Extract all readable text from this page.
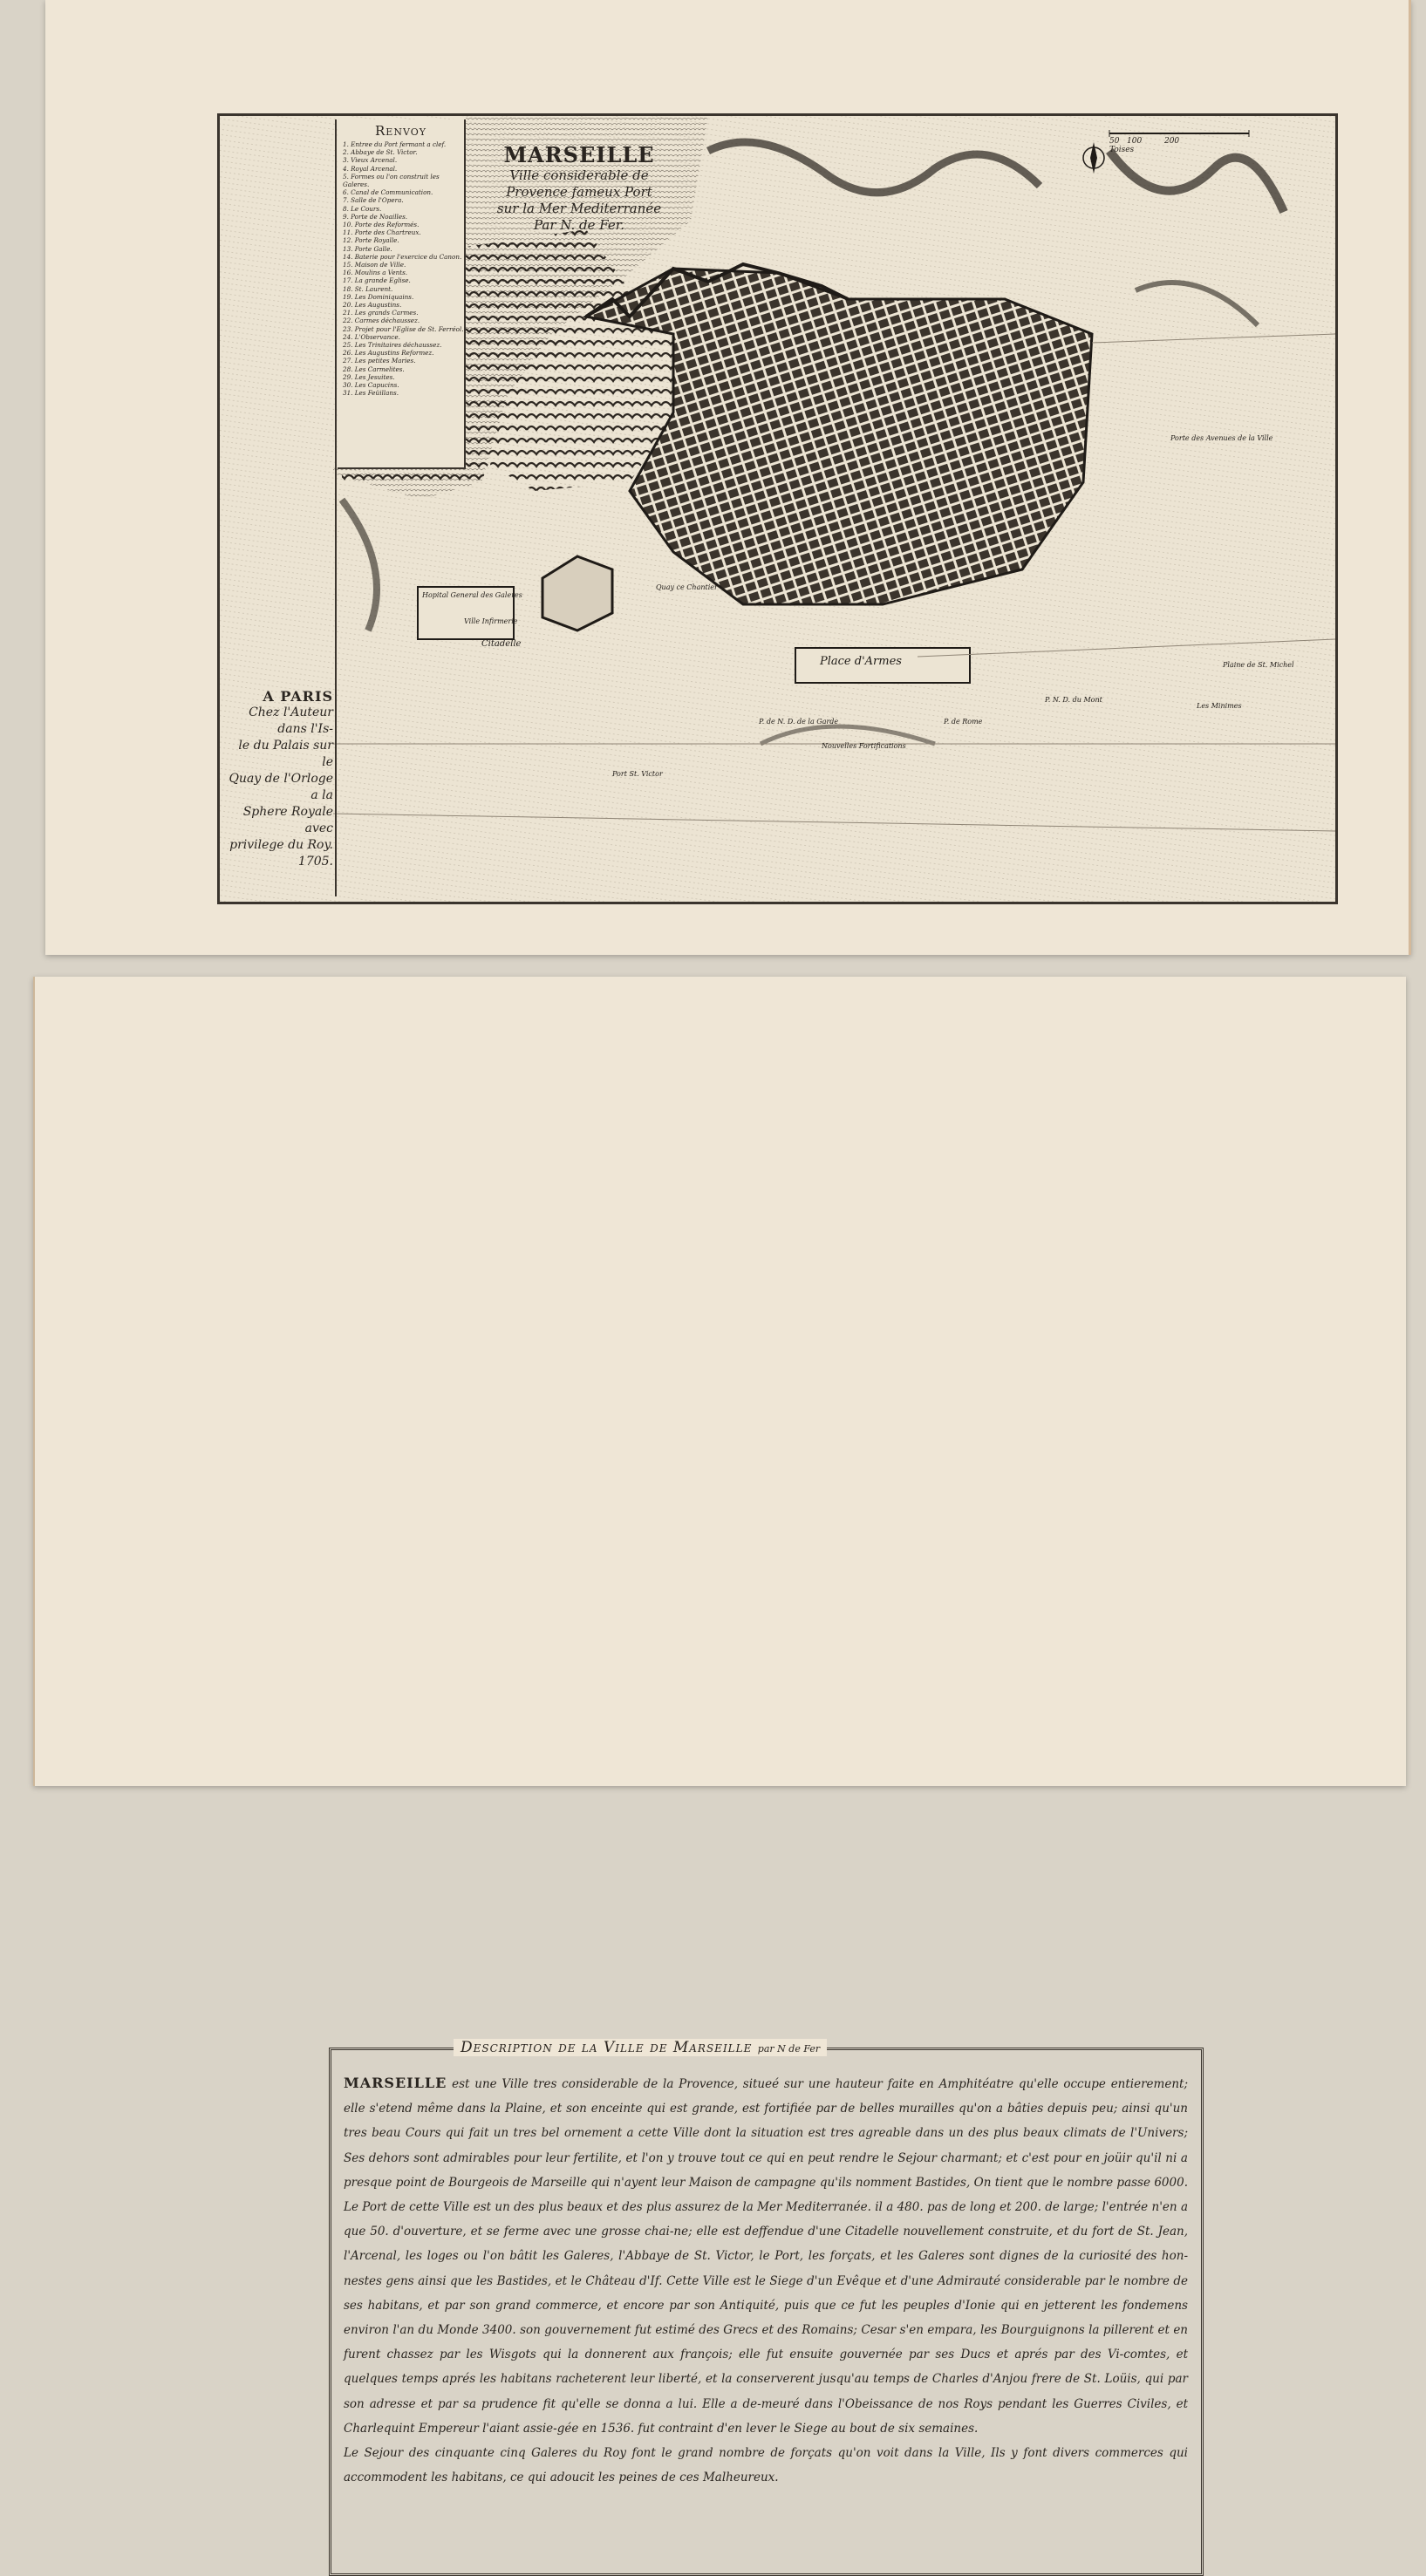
A PARIS
Chez l'Auteur dans l'Is-
le du Palais sur le
Quay de l'Orloge a la
Sphere Royale avec
privilege du Roy.
1705.
Renvoy
1. Entree du Port fermant a clef.
2. Abbaye de St. Victor.
3. Vieux Arcenal.
4. Royal Arcenal.
5. Formes ou l'on construit les Galeres.
6. Canal de Communication.
7. Salle de l'Opera.
8. Le Cours.
9. Porte de Noailles.
10. Porte des Reformés.
11. Porte des Chartreux.
12. Porte Royalle.
13. Porte Galle.
14. Baterie pour l'exercice du Canon.
15. Maison de Ville.
16. Moulins a Vents.
17. La grande Eglise.
18. St. Laurent.
19. Les Dominiquains.
20. Les Augustins.
21. Les grands Carmes.
22. Carmes déchaussez.
23. Projet pour l'Eglise de St. Ferréol.
24. L'Observance.
25. Les Trinitaires déchaussez.
26. Les Augustins Reformez.
27. Les petites Maries.
28. Les Carmelites.
29. Les Jesuites.
30. Les Capucins.
31. Les Feüillans.
MARSEILLE
Ville considerable de
Provence fameux Port
sur la Mer Mediterranée
Par N. de Fer.
50 100	200
Toises
Place d'Armes
Citadelle
Hopital General des Galeres
Ville Infirmerie
Quay ce Chantier
P. de N. D. de la Garde	P. de Rome
P. N. D. du Mont
Les Minimes
Plaine de St. Michel
Porte des Avenues de la Ville
Nouvelles Fortifications
Port St. Victor
Description de la Ville de Marseille par N de Fer

MARSEILLE est une Ville tres considerable de la Provence, situeé sur une hauteur faite en Amphitéatre qu'elle occupe entierement; elle s'etend même dans la Plaine, et son enceinte qui est grande, est fortifiée par de belles murailles qu'on a bâties depuis peu; ainsi qu'un tres beau Cours qui fait un tres bel ornement a cette Ville dont la situation est tres agreable dans un des plus beaux climats de l'Univers; Ses dehors sont admirables pour leur fertilite, et l'on y trouve tout ce qui en peut rendre le Sejour charmant; et c'est pour en joüir qu'il ni a presque point de Bourgeois de Marseille qui n'ayent leur Maison de campagne qu'ils nomment Bastides, On tient que le nombre passe 6000. Le Port de cette Ville est un des plus beaux et des plus assurez de la Mer Mediterranée. il a 480. pas de long et 200. de large; l'entrée n'en a que 50. d'ouverture, et se ferme avec une grosse chai-ne; elle est deffendue d'une Citadelle nouvellement construite, et du fort de St. Jean, l'Arcenal, les loges ou l'on bâtit les Galeres, l'Abbaye de St. Victor, le Port, les forçats, et les Galeres sont dignes de la curiosité des hon-nestes gens ainsi que les Bastides, et le Château d'If. Cette Ville est le Siege d'un Evêque et d'une Admirauté considerable par le nombre de ses habitans, et par son grand commerce, et encore par son Antiquité, puis que ce fut les peuples d'Ionie qui en jetterent les fondemens environ l'an du Monde 3400. son gouvernement fut estimé des Grecs et des Romains; Cesar s'en empara, les Bourguignons la pillerent et en furent chassez par les Wisgots qui la donnerent aux françois; elle fut ensuite gouvernée par ses Ducs et aprés par des Vi-comtes, et quelques temps aprés les habitans racheterent leur liberté, et la conserverent jusqu'au temps de Charles d'Anjou frere de St. Loüis, qui par son adresse et par sa prudence fit qu'elle se donna a lui. Elle a de-meuré dans l'Obeissance de nos Roys pendant les Guerres Civiles, et Charlequint Empereur l'aiant assie-gée en 1536. fut contraint d'en lever le Siege au bout de six semaines.

Le Sejour des cinquante cinq Galeres du Roy font le grand nombre de forçats qu'on voit dans la Ville, Ils y font divers commerces qui accommodent les habitans, ce qui adoucit les peines de ces Malheureux.
